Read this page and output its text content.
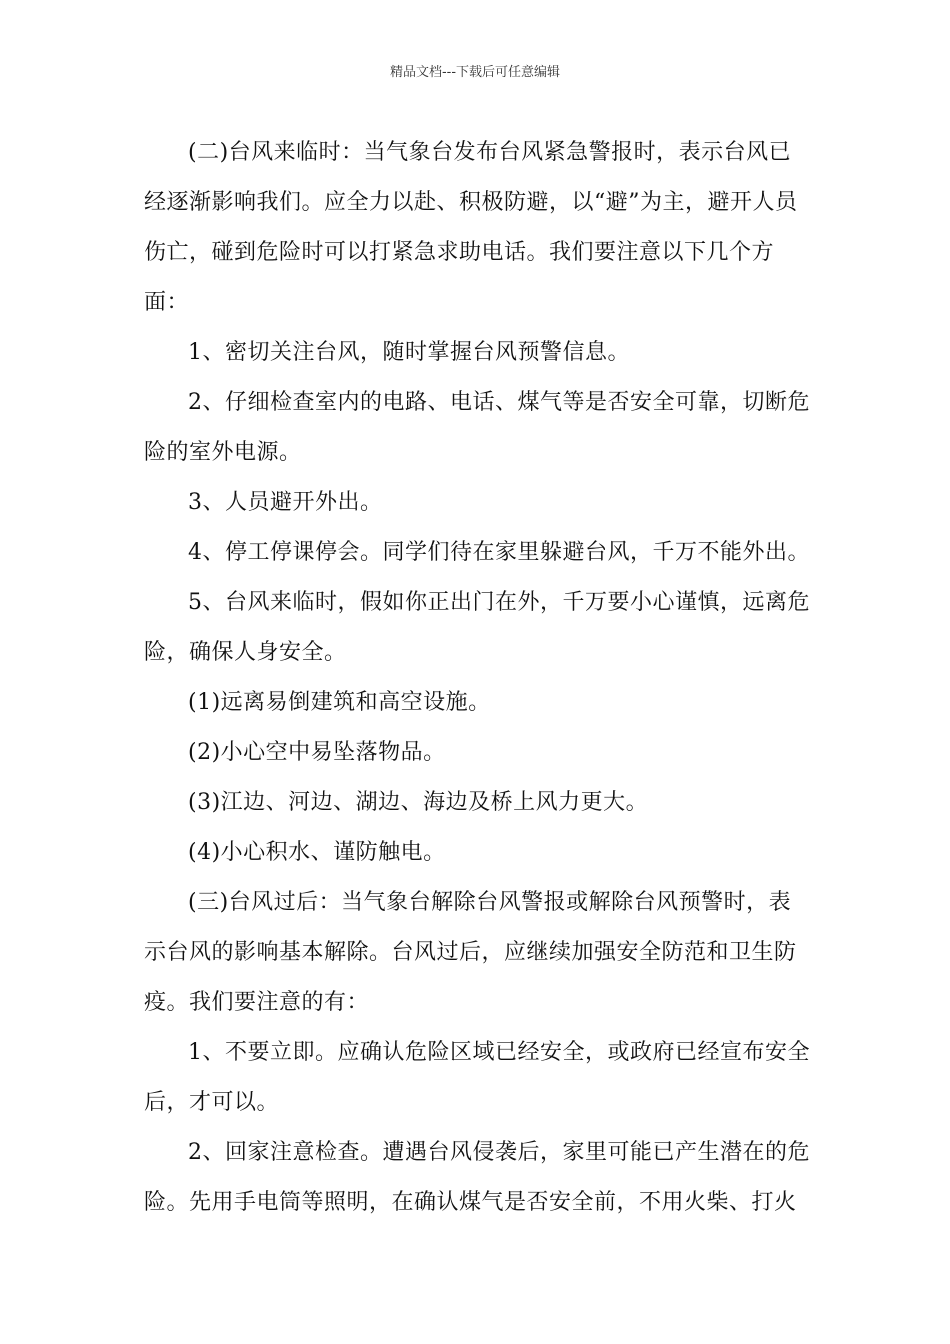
精品文档---下载后可任意编辑

(二)台风来临时：当气象台发布台风紧急警报时，表示台风已经逐渐影响我们。应全力以赴、积极防避，以“避”为主，避开人员伤亡，碰到危险时可以打紧急求助电话。我们要注意以下几个方面：

1、密切关注台风，随时掌握台风预警信息。

2、仔细检查室内的电路、电话、煤气等是否安全可靠，切断危险的室外电源。

3、人员避开外出。

4、停工停课停会。同学们待在家里躲避台风，千万不能外出。

5、台风来临时，假如你正出门在外，千万要小心谨慎，远离危险，确保人身安全。

(1)远离易倒建筑和高空设施。

(2)小心空中易坠落物品。

(3)江边、河边、湖边、海边及桥上风力更大。

(4)小心积水、谨防触电。

(三)台风过后：当气象台解除台风警报或解除台风预警时，表示台风的影响基本解除。台风过后，应继续加强安全防范和卫生防疫。我们要注意的有：

1、不要立即。应确认危险区域已经安全，或政府已经宣布安全后，才可以。

2、回家注意检查。遭遇台风侵袭后，家里可能已产生潜在的危险。先用手电筒等照明，在确认煤气是否安全前，不用火柴、打火
